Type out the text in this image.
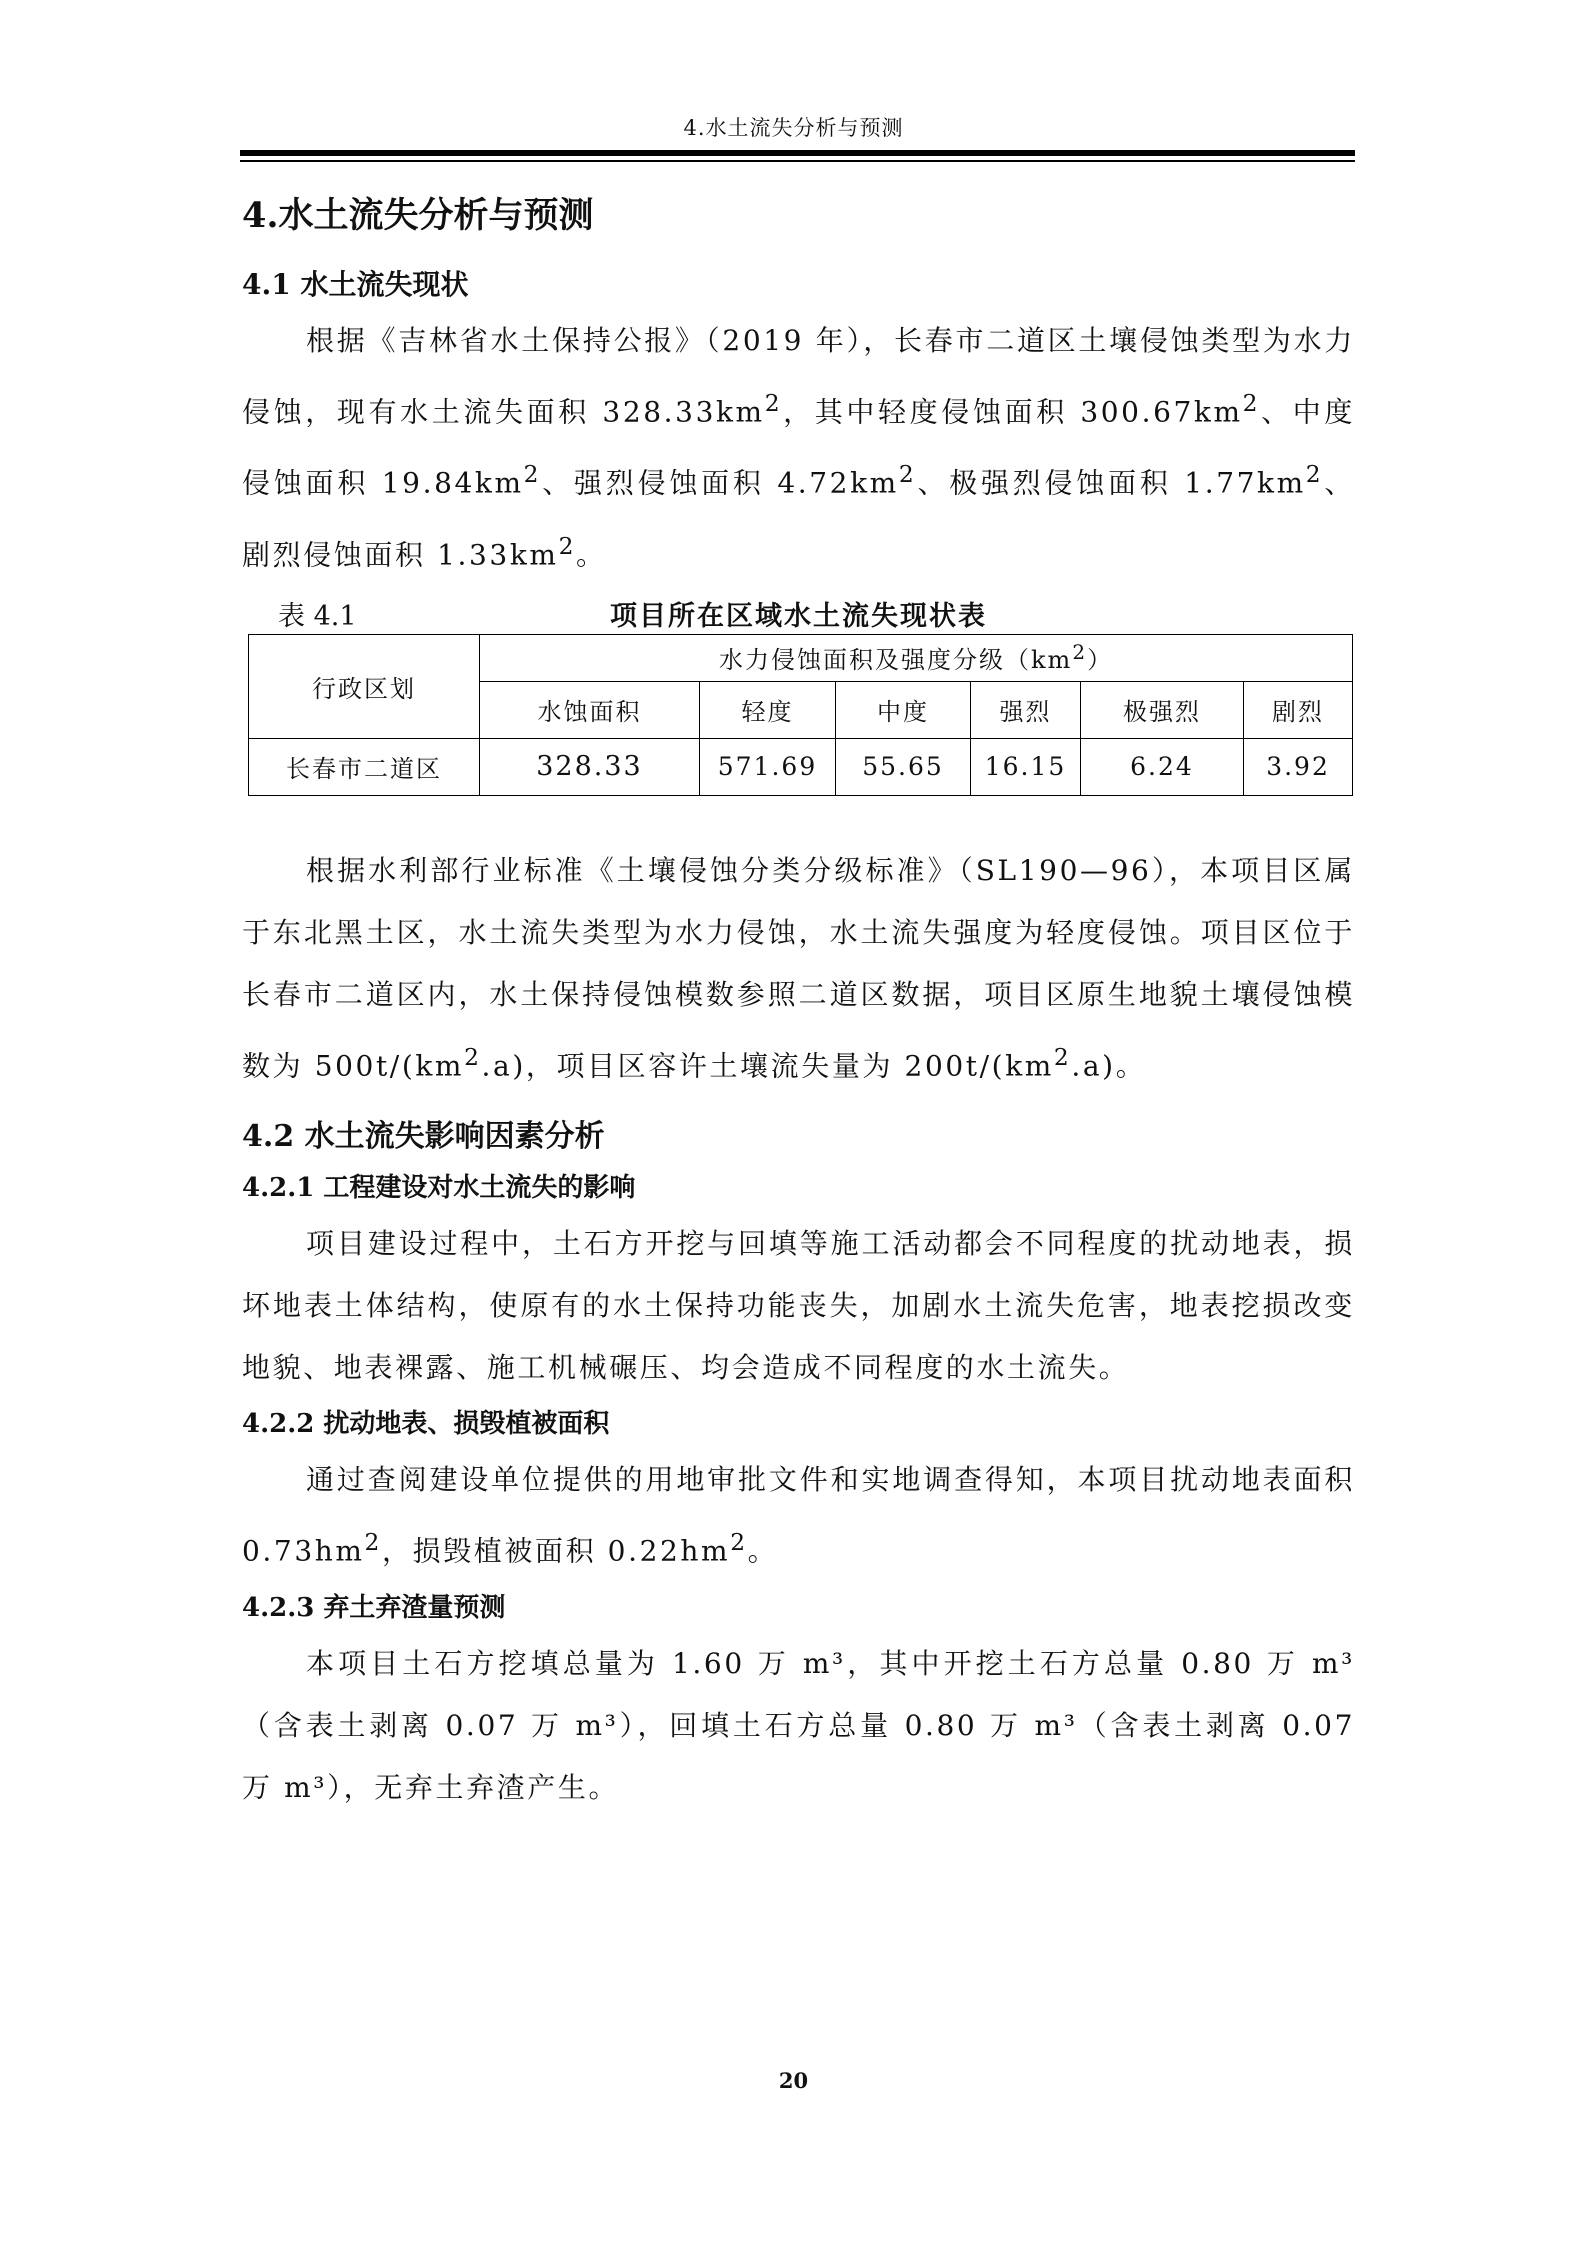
4.水土流失分析与预测
4.水土流失分析与预测
4.1 水土流失现状

根据《吉林省水土保持公报》（2019 年），长春市二道区土壤侵蚀类型为水力侵蚀，现有水土流失面积 $328.33km^2$，其中轻度侵蚀面积 $300.67km^2$、中度侵蚀面积 $19.84km^2$、强烈侵蚀面积 $4.72km^2$、极强烈侵蚀面积 $1.77km^2$、剧烈侵蚀面积 $1.33km^2$。

表 4.1	项目所在区域水土流失现状表
行政区划	水力侵蚀面积及强度分级$(km^2)$					
	水蚀面积	轻度	中度	强烈	极强烈	剧烈
长春市二道区	328.33	571.69	55.65	16.15	6.24	3.92

根据水利部行业标准《土壤侵蚀分类分级标准》（SL190—96），本项目区属于东北黑土区，水土流失类型为水力侵蚀，水土流失强度为轻度侵蚀。项目区位于长春市二道区内，水土保持侵蚀模数参照二道区数据，项目区原生地貌土壤侵蚀模数为 $500t/(km^2.a)$，项目区容许土壤流失量为 $200t/(km^2.a)$。

4.2 水土流失影响因素分析
4.2.1 工程建设对水土流失的影响

项目建设过程中，土石方开挖与回填等施工活动都会不同程度的扰动地表，损坏地表土体结构，使原有的水土保持功能丧失，加剧水土流失危害，地表挖损改变地貌、地表裸露、施工机械碾压、均会造成不同程度的水土流失。

4.2.2 扰动地表、损毁植被面积

通过查阅建设单位提供的用地审批文件和实地调查得知，本项目扰动地表面积 $0.73hm^2$，损毁植被面积 $0.22hm^2$。

4.2.3 弃土弃渣量预测

本项目土石方挖填总量为 1.60 万 m³，其中开挖土石方总量 0.80 万 m³（含表土剥离 0.07 万 m³），回填土石方总量 0.80 万 m³（含表土剥离 0.07 万 m³），无弃土弃渣产生。

20
